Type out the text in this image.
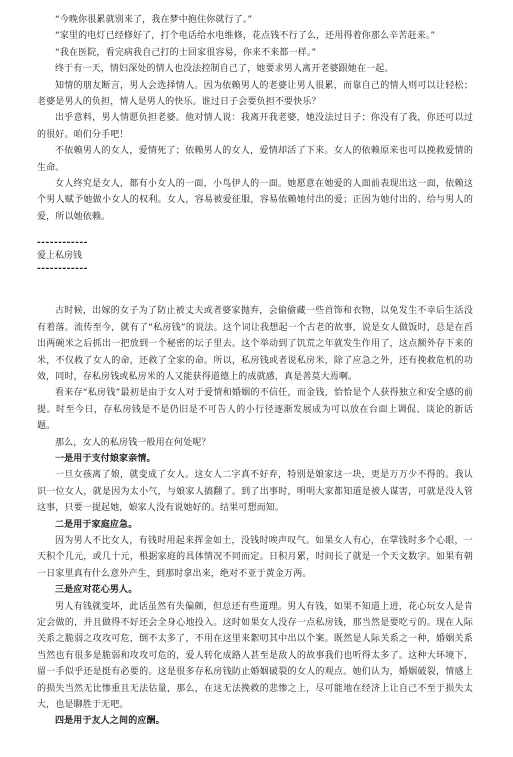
“今晚你很累就别来了，我在梦中抱住你就行了。”

“家里的电灯已经修好了，打个电话给水电维修，花点钱不行了么，还用得着你那么辛苦赶来。”

“我在医院，看完病我自己打的士回家很容易，你来不来都一样。”

终于有一天，情妇深处的情人也没法控制自己了，她要求男人离开老婆跟她在一起。

知情的朋友断言，男人会选择情人。因为依赖男人的老婆让男人很累，而靠自己的情人则可以让轻松；老婆是男人的负担，情人是男人的快乐。谁过日子会要负担不要快乐？

出乎意料，男人情愿负担老婆。他对情人说：我离开我老婆，她没法过日子；你没有了我，你还可以过的很好。咱们分手吧！

不依赖男人的女人，爱情死了；依赖男人的女人，爱情却活了下来。女人的依赖原来也可以挽救爱情的生命。

女人终究是女人，都有小女人的一面，小鸟伊人的一面。她愿意在她爱的人面前表现出这一面，依赖这个男人赋予她做小女人的权利。女人，容易被爱征服，容易依赖她付出的爱；正因为她付出的、给与男人的爱，所以她依赖。

------------
爱上私房钱
------------

古时候，出嫁的女子为了防止被丈夫或者婆家抛弃，会偷偷藏一些首饰和衣物，以免发生不幸后生活没有着落。流传至今，就有了“私房钱”的说法。这个词让我想起一个古老的故事，说是女人做饭时，总是在舀出两碗米之后抓出一把放到一个秘密的坛子里去。这个举动到了饥荒之年就发生作用了，这点额外存下来的米，不仅救了女人的命，还救了全家的命。所以，私房钱或者说私房米，除了应急之外，还有挽救危机的功效，同时，存私房钱或私房米的人又能获得道德上的成就感，真是善莫大焉啊。

看来存“私房钱”最初是由于女人对于爱情和婚姻的不信任，而金钱，恰恰是个人获得独立和安全感的前提。时至今日，存私房钱是不是仍旧是不可告人的小行径逐渐发展成为可以放在台面上调侃、谈论的新话题。

那么，女人的私房钱一般用在何处呢？

一是用于支付娘家亲情。

一旦女孩离了娘，就变成了女人。这女人二字真不好弃，特别是娘家这一块，更是万万少不得的。我认识一位女人，就是因为太小气，与娘家人搞翻了。到了出事时，明明大家都知道是被人谋害，可就是没人管这事，只要一提起她，娘家人没有说她好的。结果可想而知。

二是用于家庭应急。

因为男人不比女人，有钱时用起来挥金如土，没钱时唉声叹气。如果女人有心，在掌钱时多个心眼，一天积个几元，或几十元，根据家庭的具体情况不同而定。日积月累，时间长了就是一个天文数字。如果有朝一日家里真有什么意外产生，到那时拿出来，绝对不亚于黄金万两。

三是应对花心男人。

男人有钱就变坏，此话虽然有失偏颇，但总还有些道理。男人有钱，如果不知道上进，花心玩女人是肯定会做的，并且做得不好还会全身心地投入。这时如果女人没存一点私房钱，那当然是要吃亏的。现在人际关系之脆弱之攻攻可危，倒不太多了，不用在这里来絮叨其中出以个案。既然是人际关系之一种，婚姻关系当然也有很多是脆弱和攻攻可危的，爱人转化成路人甚至是敌人的故事我们也听得太多了。这种大环境下，留一手似乎还是挺有必要的。这是很多存私房钱防止婚姻破裂的女人的观点。她们认为，婚姻破裂，情感上的损失当然无比惨重且无法估量，那么，在这无法挽救的悲惨之上，尽可能地在经济上让自己不至于损失太大，也是聊胜于无吧。

四是用于友人之间的应酬。
